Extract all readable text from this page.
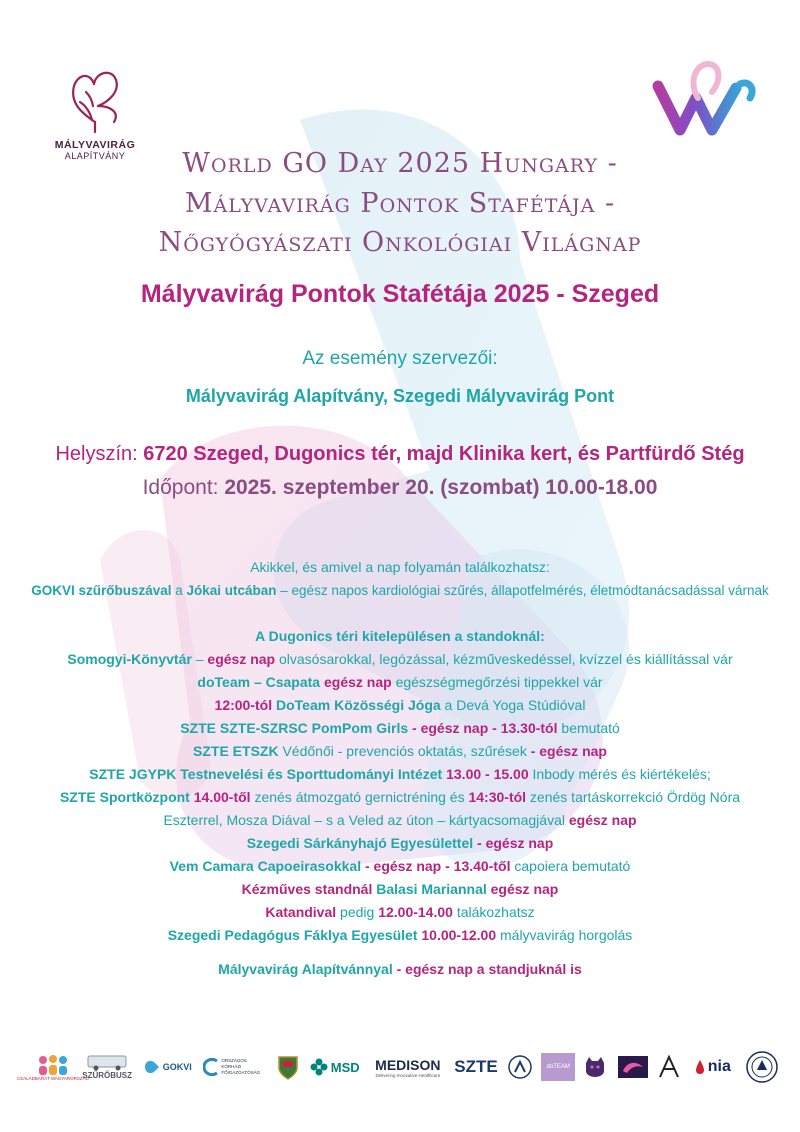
MÁLYVAVIRÁG
ALAPÍTVÁNY	World GO Day 2025 Hungary -
Mályvavirág Pontok Stafétája -
Nőgyógyászati Onkológiai Világnap
Mályvavirág Pontok Stafétája 2025 - Szeged
Az esemény szervezői:
Mályvavirág Alapítvány, Szegedi Mályvavirág Pont
Helyszín: 6720 Szeged, Dugonics tér, majd Klinika kert, és Partfürdő Stég
Időpont: 2025. szeptember 20. (szombat) 10.00-18.00
Akikkel, és amivel a nap folyamán találkozhatsz:
GOKVI szűrőbuszával a Jókai utcában – egész napos kardiológiai szűrés, állapotfelmérés, életmódtanácsadással várnak
A Dugonics téri kitelepülésen a standoknál:
Somogyi-Könyvtár – egész nap olvasósarokkal, legózással, kézműveskedéssel, kvízzel és kiállítással vár
doTeam – Csapata egész nap egészségmegőrzési tippekkel vár
12:00-tól DoTeam Közösségi Jóga a Devá Yoga Stúdióval
SZTE SZTE-SZRSC PomPom Girls - egész nap - 13.30-tól bemutató
SZTE ETSZK Védőnői - prevenciós oktatás, szűrések - egész nap
SZTE JGYPK Testnevelési és Sporttudományi Intézet 13.00 - 15.00 Inbody mérés és kiértékelés;
SZTE Sportközpont 14.00-től zenés átmozgató gernictréning és 14:30-tól zenés tartáskorrekció Ördög Nóra
Eszterrel, Mosza Diával – s a Veled az úton – kártyacsomagjával egész nap
Szegedi Sárkányhajó Egyesülettel - egész nap
Vem Camara Capoeirasokkal - egész nap - 13.40-től capoiera bemutató
Kézműves standnál Balasi Mariannal egész nap
Katandival pedig 12.00-14.00 talákozhatsz
Szegedi Pedagógus Fáklya Egyesület 10.00-12.00 mályvavirág horgolás
Mályvavirág Alapítvánnyal - egész nap a standjuknál is
CSALÁDBARÁT MAGYARORSZÁG
SZŰRŐBUSZ
GOKVI
ORSZÁGOS KÓRHÁZI FŐIGAZGATÓSÁG	MSD MEDISON
Delivering Innovative Healthcare SZTE	doTEAM	nia
